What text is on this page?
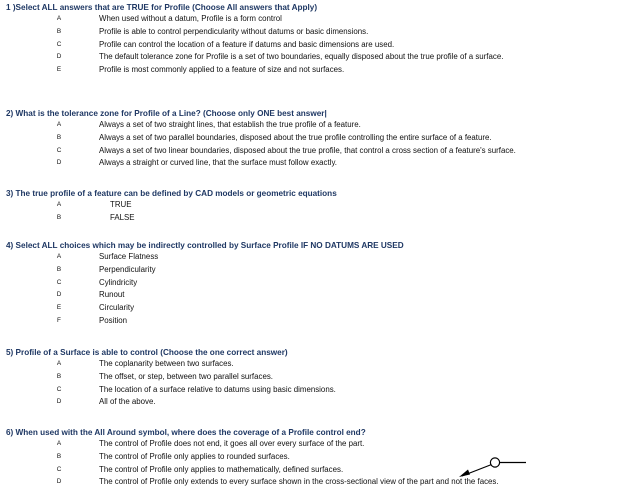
1 )Select ALL answers that are TRUE for Profile (Choose All answers that Apply)
A	When used without a datum, Profile is a form control
B	Profile is able to control perpendicularity without datums or basic dimensions.
C	Profile can control the location of a feature if datums and basic dimensions are used.
D	The default tolerance zone for Profile is a set of two boundaries, equally disposed about the true profile of a surface.
E	Profile is most commonly applied to a feature of size and not surfaces.
2) What is the tolerance zone for Profile of a Line? (Choose only ONE best answer|
A	Always a set of two straight lines, that establish the true profile of a feature.
B	Always a set of two parallel boundaries, disposed about the true profile controlling the entire surface of a feature.
C	Always a set of two linear boundaries, disposed about the true profile, that control a cross section of a feature's surface.
D	Always a straight or curved line, that the surface must follow exactly.
3) The true profile of a feature can be defined by CAD models or geometric equations
A	TRUE
B	FALSE
4) Select ALL choices which may be indirectly controlled by Surface Profile IF NO DATUMS ARE USED
A	Surface Flatness
B	Perpendicularity
C	Cylindricity
D	Runout
E	Circularity
F	Position
5) Profile of a Surface is able to control (Choose the one correct answer)
A	The coplanarity between two surfaces.
B	The offset, or step, between two parallel surfaces.
C	The location of a surface relative to datums using basic dimensions.
D	All of the above.
6) When used with the All Around symbol, where does the coverage of a Profile control end?
A	The control of Profile does not end, it goes all over every surface of the part.
B	The control of Profile only applies to rounded surfaces.
C	The control of Profile only applies to mathematically, defined surfaces.
D	The control of Profile only extends to every surface shown in the cross-sectional view of the part and not the faces.
